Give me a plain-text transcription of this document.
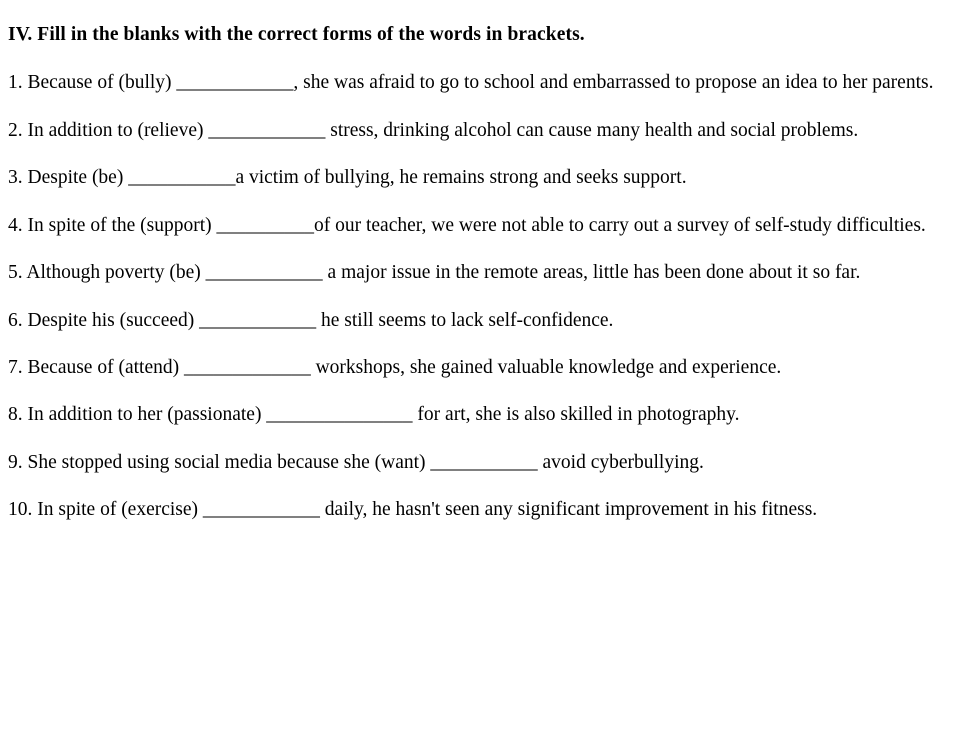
IV. Fill in the blanks with the correct forms of the words in brackets.
1. Because of (bully) ____________, she was afraid to go to school and embarrassed to propose an idea to her parents.
2. In addition to (relieve) ____________ stress, drinking alcohol can cause many health and social problems.
3. Despite (be) ___________a victim of bullying, he remains strong and seeks support.
4. In spite of the (support) __________of our teacher, we were not able to carry out a survey of self-study difficulties.
5. Although poverty (be) ____________ a major issue in the remote areas, little has been done about it so far.
6. Despite his (succeed) ____________ he still seems to lack self-confidence.
7. Because of (attend) _____________ workshops, she gained valuable knowledge and experience.
8. In addition to her (passionate) _______________ for art, she is also skilled in photography.
9. She stopped using social media because she (want) ___________ avoid cyberbullying.
10. In spite of (exercise) ____________ daily, he hasn't seen any significant improvement in his fitness.
